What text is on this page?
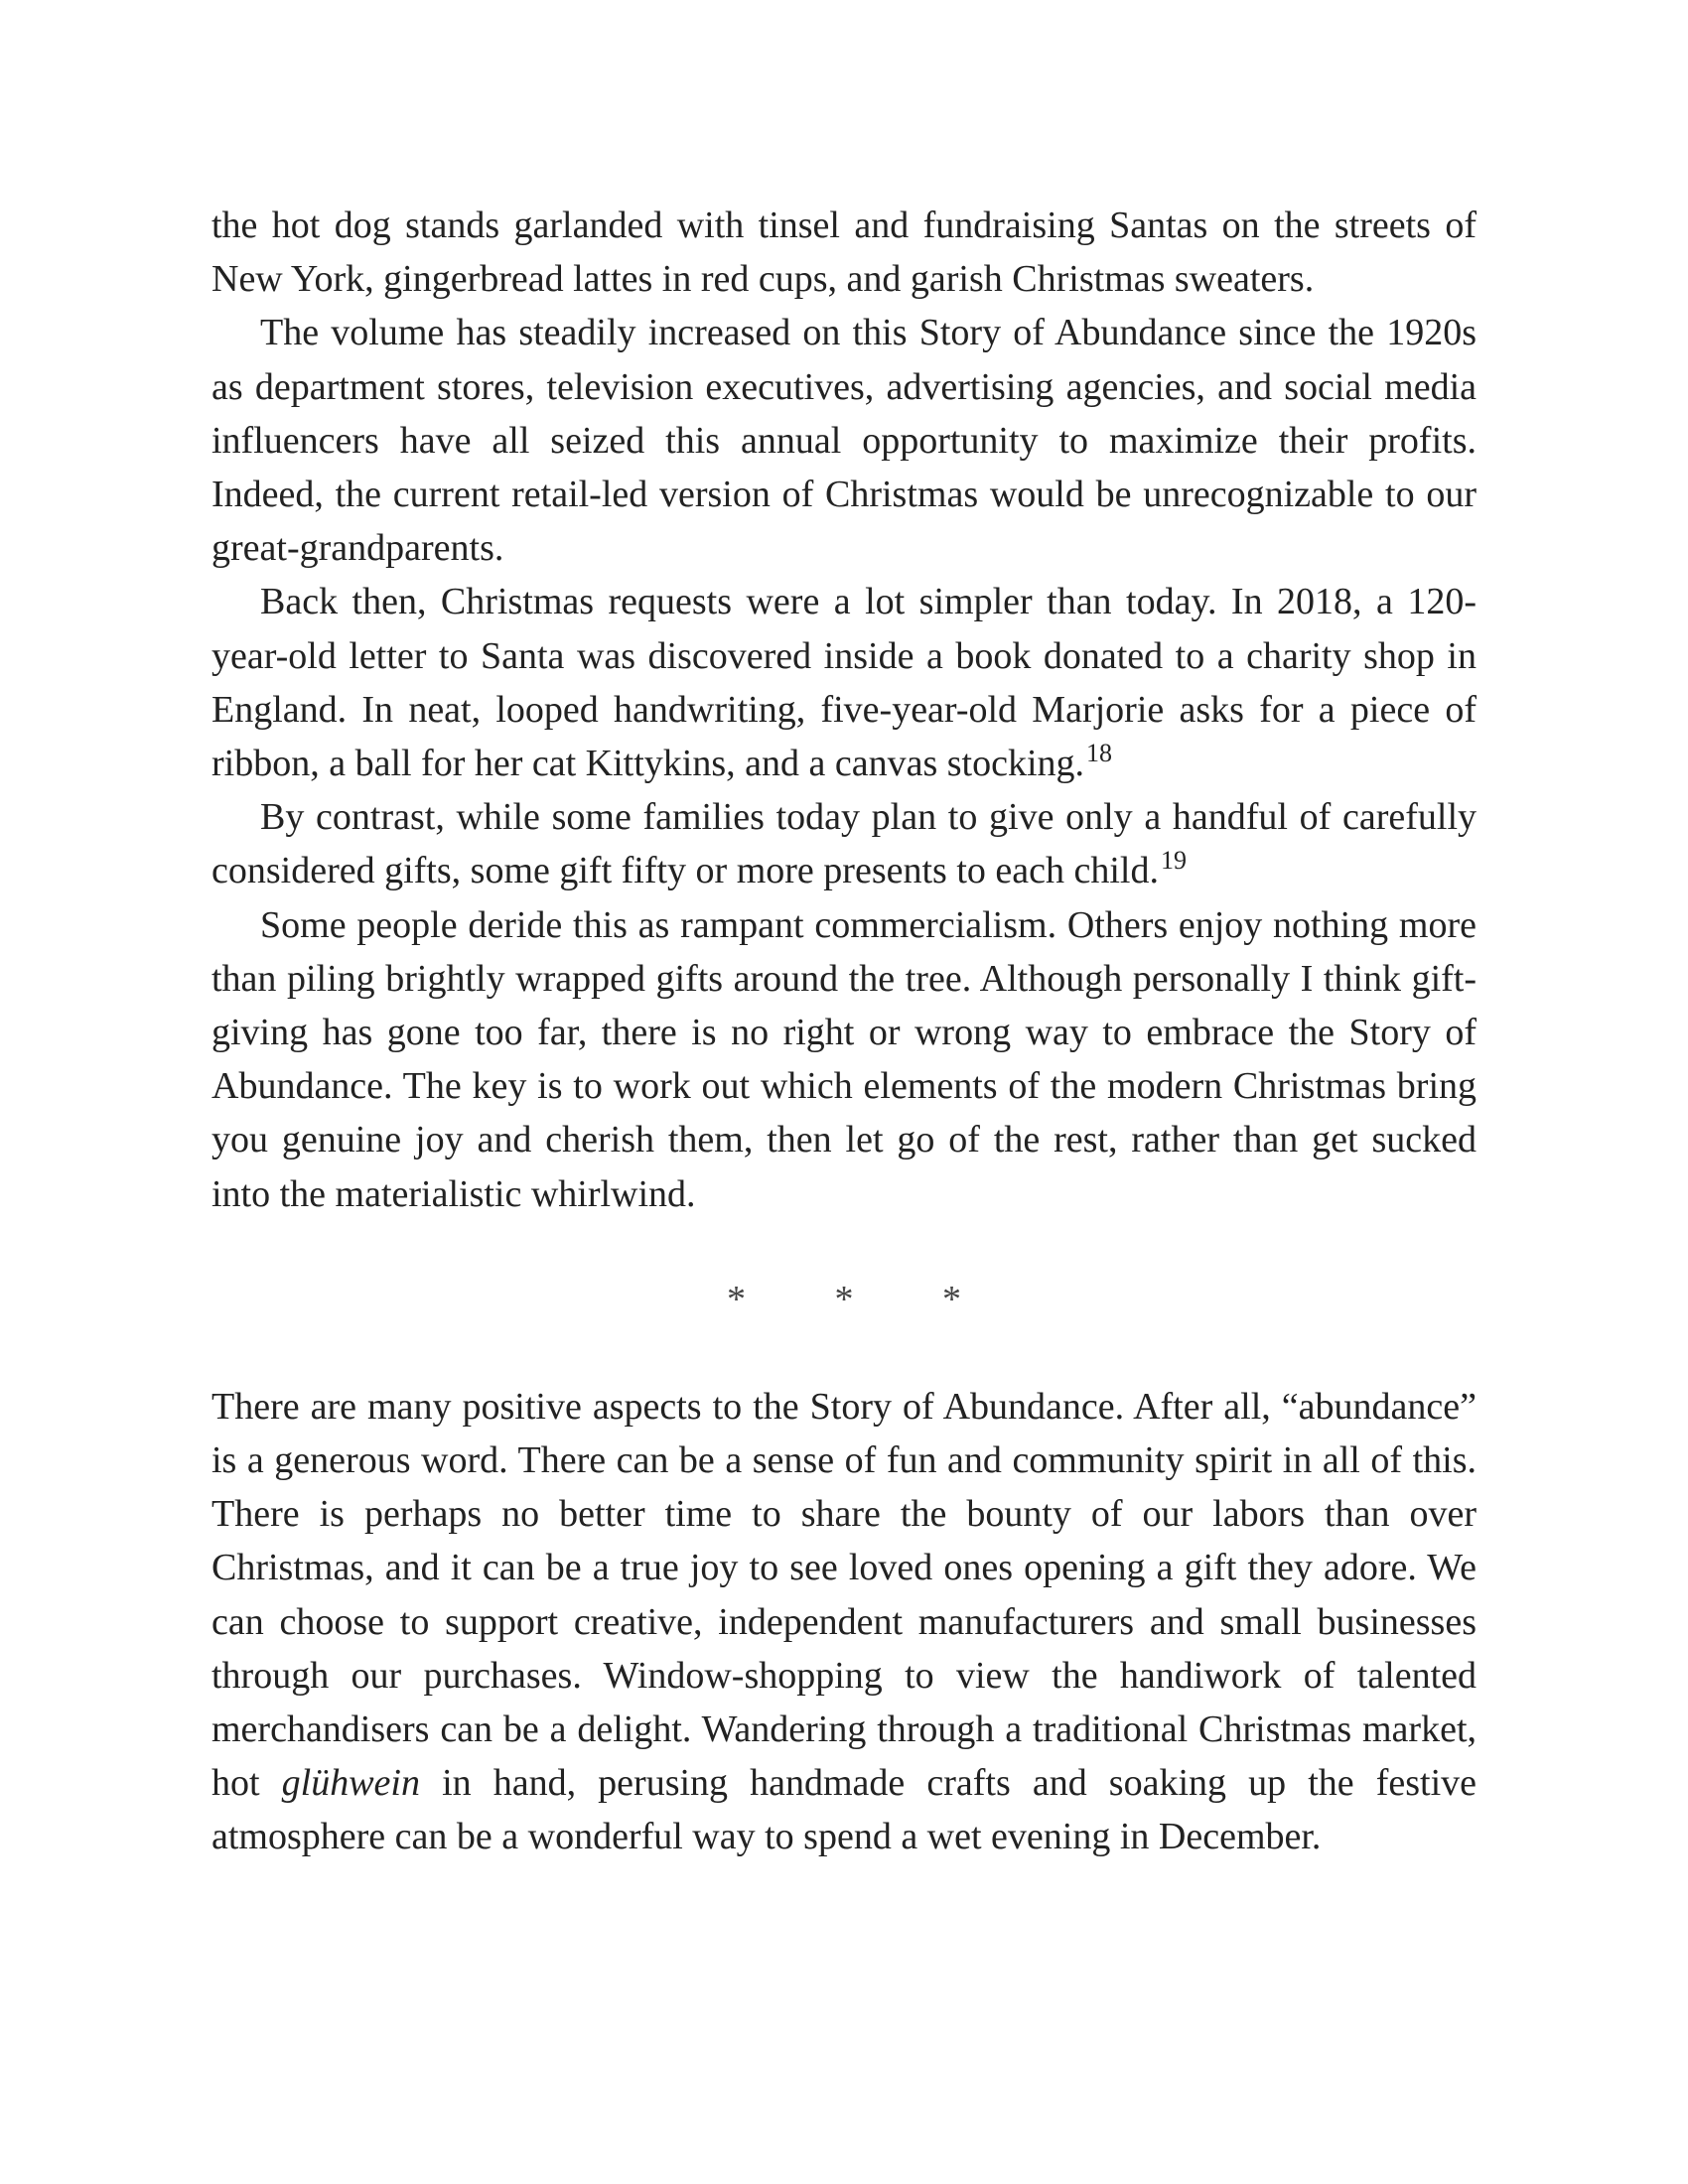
the hot dog stands garlanded with tinsel and fundraising Santas on the streets of New York, gingerbread lattes in red cups, and garish Christmas sweaters.

The volume has steadily increased on this Story of Abundance since the 1920s as department stores, television executives, advertising agencies, and social media influencers have all seized this annual opportunity to maximize their profits. Indeed, the current retail-led version of Christmas would be unrecognizable to our great-grandparents.

Back then, Christmas requests were a lot simpler than today. In 2018, a 120-year-old letter to Santa was discovered inside a book donated to a charity shop in England. In neat, looped handwriting, five-year-old Marjorie asks for a piece of ribbon, a ball for her cat Kittykins, and a canvas stocking.$^{18}$

By contrast, while some families today plan to give only a handful of carefully considered gifts, some gift fifty or more presents to each child.$^{19}$

Some people deride this as rampant commercialism. Others enjoy nothing more than piling brightly wrapped gifts around the tree. Although personally I think gift-giving has gone too far, there is no right or wrong way to embrace the Story of Abundance. The key is to work out which elements of the modern Christmas bring you genuine joy and cherish them, then let go of the rest, rather than get sucked into the materialistic whirlwind.

* * *

There are many positive aspects to the Story of Abundance. After all, “abundance” is a generous word. There can be a sense of fun and community spirit in all of this. There is perhaps no better time to share the bounty of our labors than over Christmas, and it can be a true joy to see loved ones opening a gift they adore. We can choose to support creative, independent manufacturers and small businesses through our purchases. Window-shopping to view the handiwork of talented merchandisers can be a delight. Wandering through a traditional Christmas market, hot glühwein in hand, perusing handmade crafts and soaking up the festive atmosphere can be a wonderful way to spend a wet evening in December.
